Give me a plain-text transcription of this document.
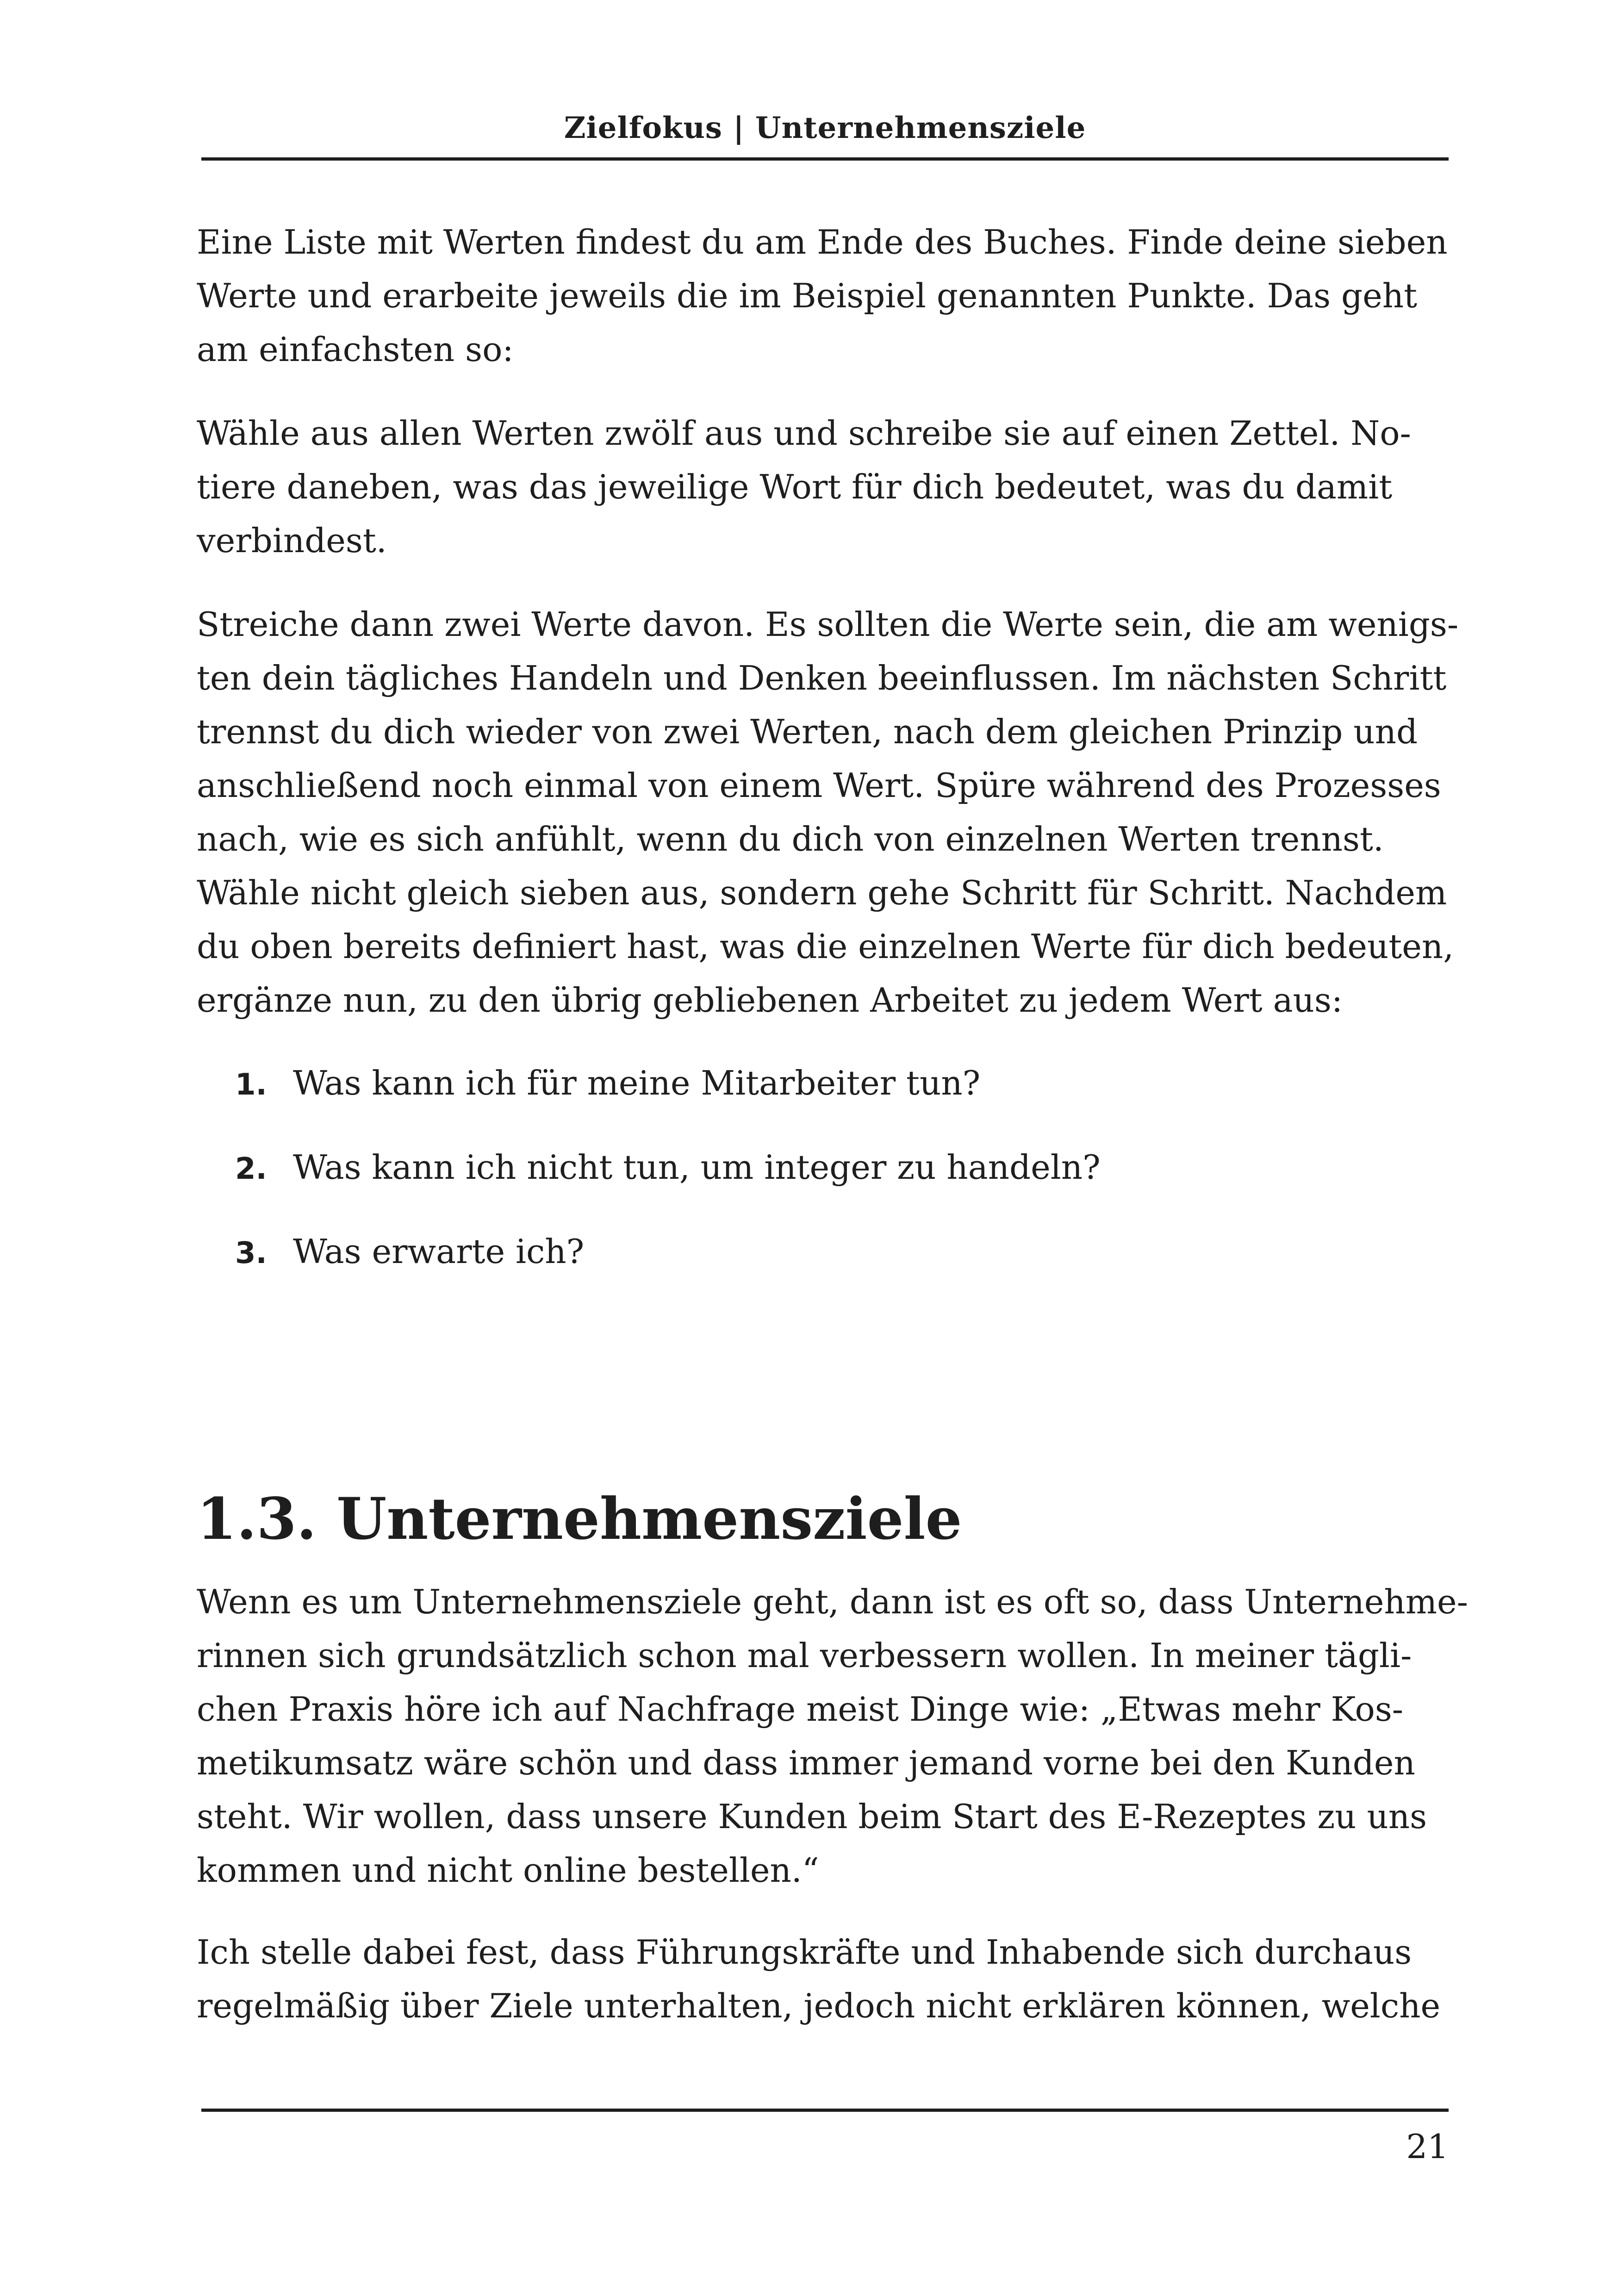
Zielfokus | Unternehmensziele

Eine Liste mit Werten findest du am Ende des Buches. Finde deine sieben
Werte und erarbeite jeweils die im Beispiel genannten Punkte. Das geht
am einfachsten so:

Wähle aus allen Werten zwölf aus und schreibe sie auf einen Zettel. No-
tiere daneben, was das jeweilige Wort für dich bedeutet, was du damit
verbindest.

Streiche dann zwei Werte davon. Es sollten die Werte sein, die am wenigs-
ten dein tägliches Handeln und Denken beeinflussen. Im nächsten Schritt
trennst du dich wieder von zwei Werten, nach dem gleichen Prinzip und
anschließend noch einmal von einem Wert. Spüre während des Prozesses
nach, wie es sich anfühlt, wenn du dich von einzelnen Werten trennst.
Wähle nicht gleich sieben aus, sondern gehe Schritt für Schritt. Nachdem
du oben bereits definiert hast, was die einzelnen Werte für dich bedeuten,
ergänze nun, zu den übrig gebliebenen Arbeitet zu jedem Wert aus:

1. Was kann ich für meine Mitarbeiter tun?

2. Was kann ich nicht tun, um integer zu handeln?

3. Was erwarte ich?

1.3. Unternehmensziele

Wenn es um Unternehmensziele geht, dann ist es oft so, dass Unternehme-
rinnen sich grundsätzlich schon mal verbessern wollen. In meiner tägli-
chen Praxis höre ich auf Nachfrage meist Dinge wie: „Etwas mehr Kos-
metikumsatz wäre schön und dass immer jemand vorne bei den Kunden
steht. Wir wollen, dass unsere Kunden beim Start des E-Rezeptes zu uns
kommen und nicht online bestellen.“

Ich stelle dabei fest, dass Führungskräfte und Inhabende sich durchaus
regelmäßig über Ziele unterhalten, jedoch nicht erklären können, welche

21
